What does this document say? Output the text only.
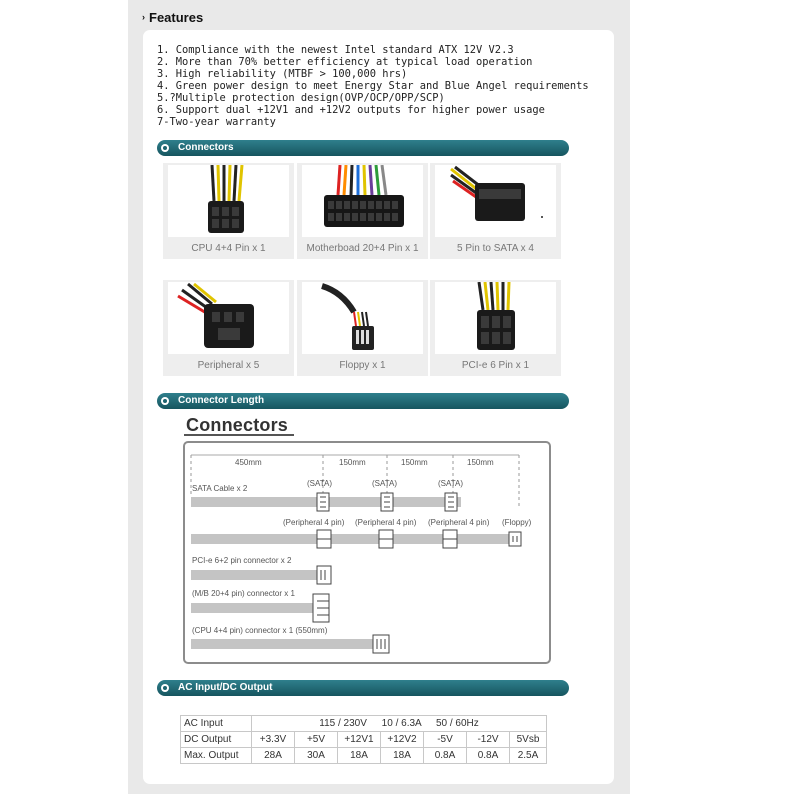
› Features
1. Compliance with the newest Intel standard ATX 12V V2.3
2. More than 70% better efficiency at typical load operation
3. High reliability (MTBF > 100,000 hrs)
4. Green power design to meet Energy Star and Blue Angel requirements
5.?Multiple protection design(OVP/OCP/OPP/SCP)
6. Support dual +12V1 and +12V2 outputs for higher power usage
7-Two-year warranty
Connectors
CPU 4+4 Pin x 1	Motherboad 20+4 Pin x 1	5 Pin to SATA x 4
Peripheral x 5	Floppy x 1	PCI-e 6 Pin x 1
Connector Length
Connectors
450mm	150mm	150mm	150mm
SATA Cable x 2
(SATA)	(SATA)	(SATA)
(Peripheral 4 pin) (Peripheral 4 pin) (Peripheral 4 pin) (Floppy)
PCI-e 6+2 pin connector x 2
(M/B 20+4 pin) connector x 1
(CPU 4+4 pin) connector x 1 (550mm)
AC Input/DC Output
AC Input	115 / 230V 10 / 6.3A 50 / 60Hz						
DC Output	+3.3V	+5V	+12V1	+12V2	-5V	-12V	5Vsb
Max. Output	28A	30A	18A	18A	0.8A	0.8A	2.5A
